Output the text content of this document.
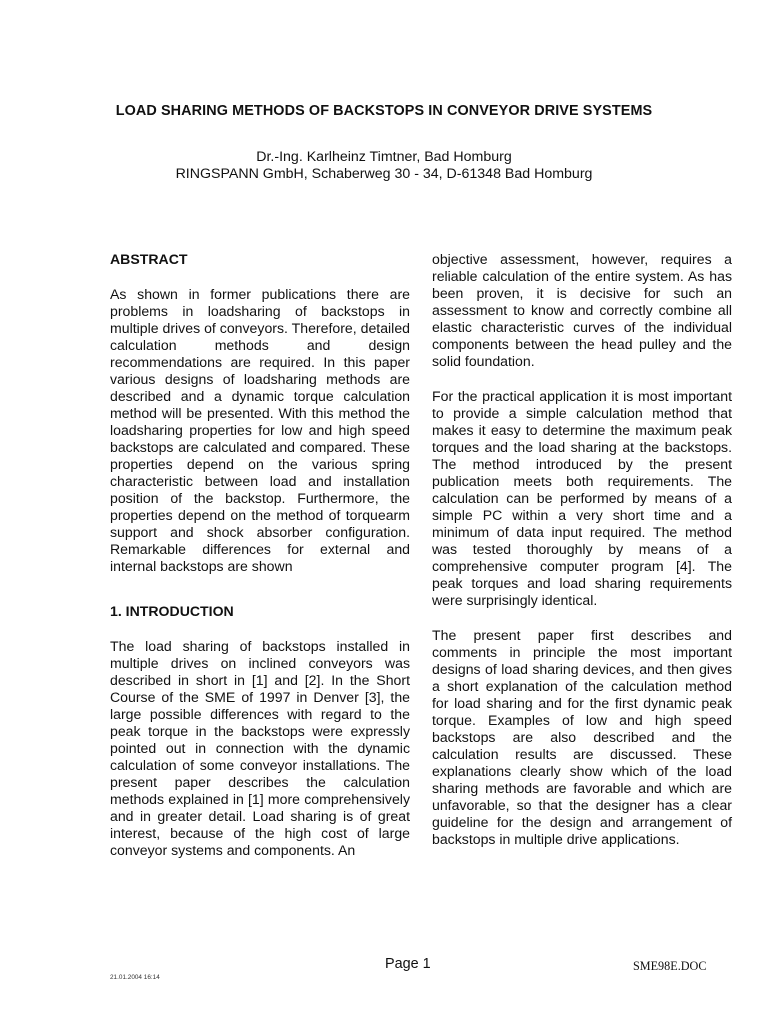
LOAD SHARING METHODS OF BACKSTOPS IN CONVEYOR DRIVE SYSTEMS
Dr.-Ing. Karlheinz Timtner, Bad Homburg
RINGSPANN GmbH, Schaberweg 30 - 34, D-61348 Bad Homburg

ABSTRACT

As shown in former publications there are problems in loadsharing of backstops in multiple drives of conveyors. Therefore, detailed calculation methods and design recommendations are required. In this paper various designs of loadsharing methods are described and a dynamic torque calculation method will be presented. With this method the loadsharing properties for low and high speed backstops are calculated and compared. These properties depend on the various spring characteristic between load and installation position of the backstop. Furthermore, the properties depend on the method of torquearm support and shock absorber configuration. Remarkable differences for external and internal backstops are shown

1. INTRODUCTION

The load sharing of backstops installed in multiple drives on inclined conveyors was described in short in [1] and [2]. In the Short Course of the SME of 1997 in Denver [3], the large possible differences with regard to the peak torque in the backstops were expressly pointed out in connection with the dynamic calculation of some conveyor installations. The present paper describes the calculation methods explained in [1] more comprehensively and in greater detail. Load sharing is of great interest, because of the high cost of large conveyor systems and components. An

objective assessment, however, requires a reliable calculation of the entire system. As has been proven, it is decisive for such an assessment to know and correctly combine all elastic characteristic curves of the individual components between the head pulley and the solid foundation.

For the practical application it is most important to provide a simple calculation method that makes it easy to determine the maximum peak torques and the load sharing at the backstops. The method introduced by the present publication meets both requirements. The calculation can be performed by means of a simple PC within a very short time and a minimum of data input required. The method was tested thoroughly by means of a comprehensive computer program [4]. The peak torques and load sharing requirements were surprisingly identical.

The present paper first describes and comments in principle the most important designs of load sharing devices, and then gives a short explanation of the calculation method for load sharing and for the first dynamic peak torque. Examples of low and high speed backstops are also described and the calculation results are discussed. These explanations clearly show which of the load sharing methods are favorable and which are unfavorable, so that the designer has a clear guideline for the design and arrangement of backstops in multiple drive applications.

Page 1	SME98E.DOC
21.01.2004 16:14
